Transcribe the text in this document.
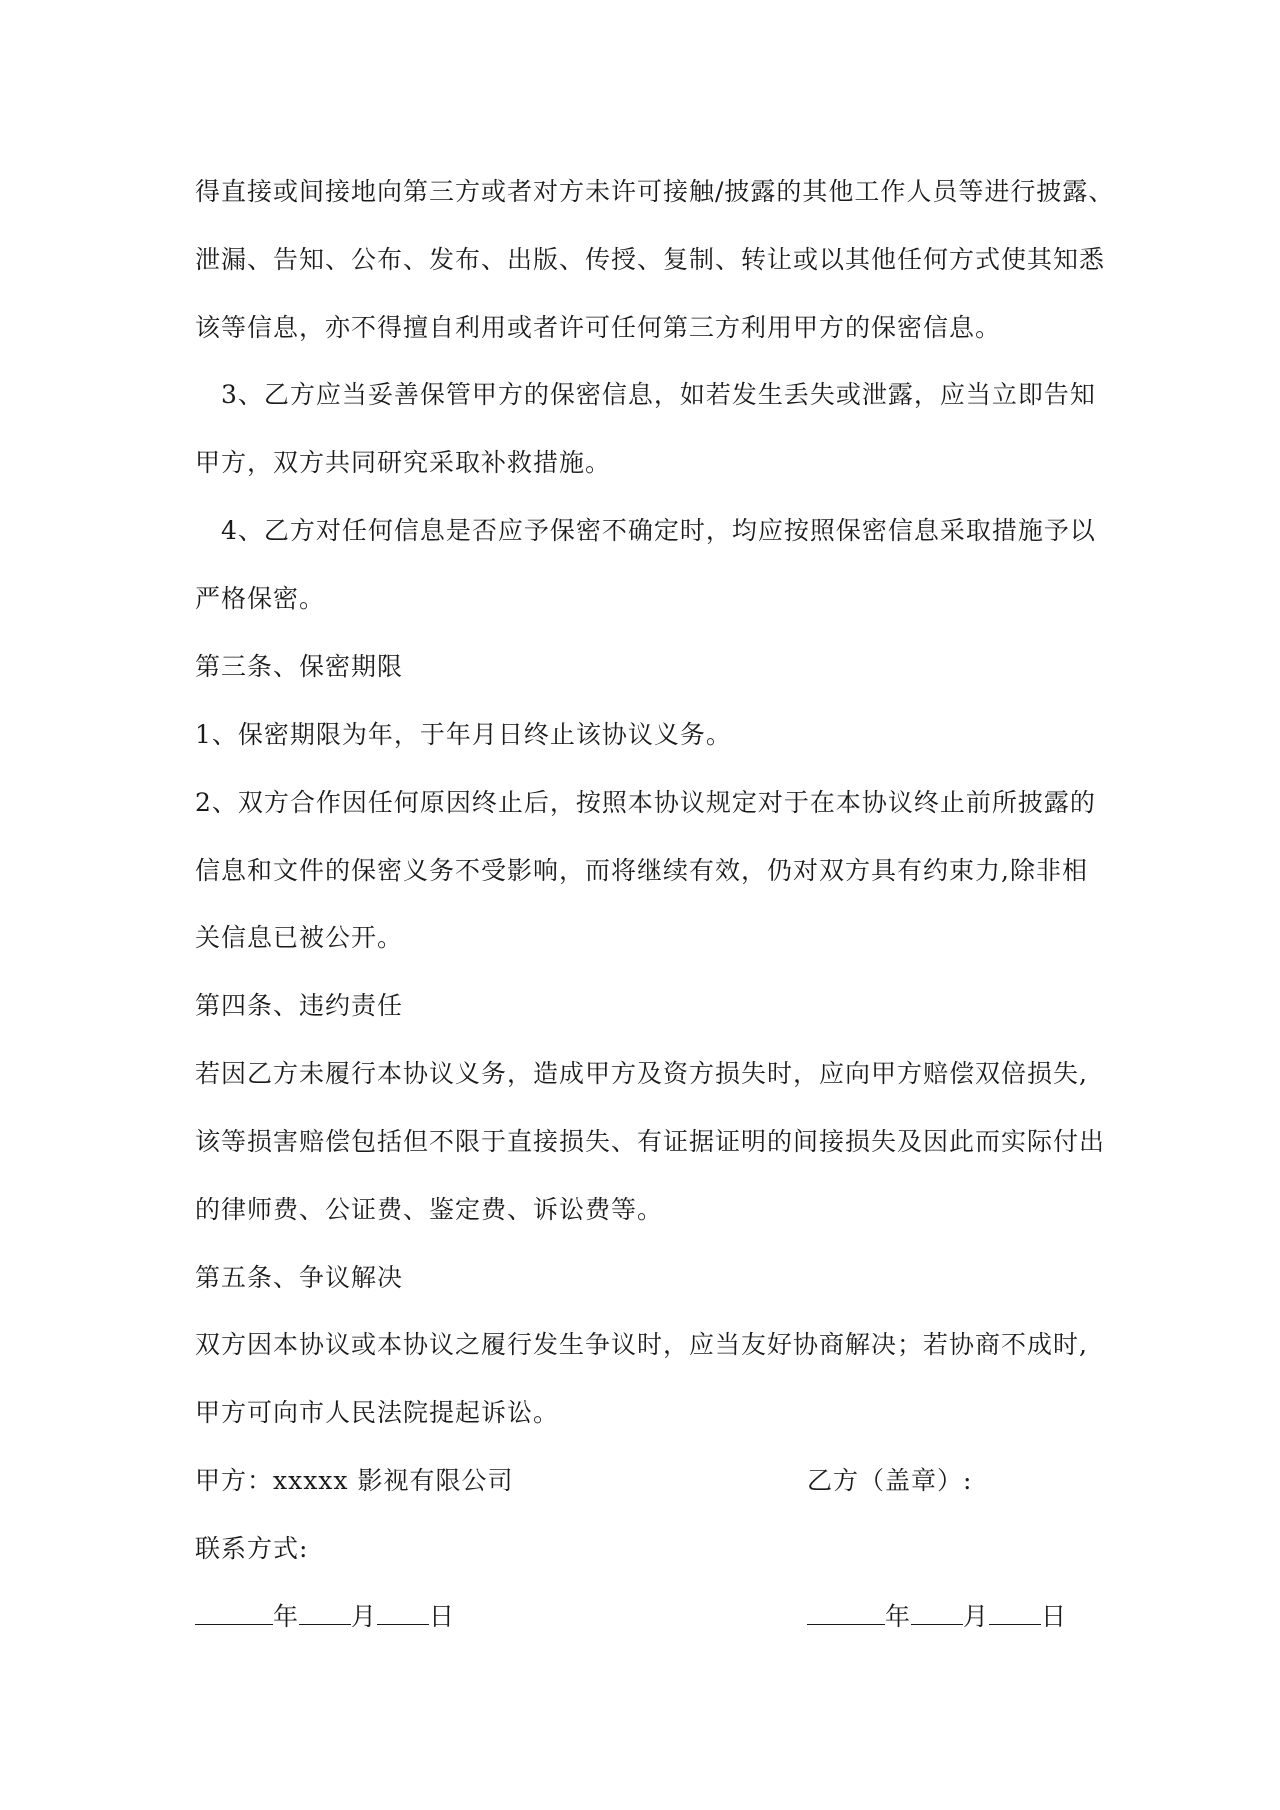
得直接或间接地向第三方或者对方未许可接触/披露的其他工作人员等进行披露、
泄漏、告知、公布、发布、出版、传授、复制、转让或以其他任何方式使其知悉
该等信息，亦不得擅自利用或者许可任何第三方利用甲方的保密信息。
3、乙方应当妥善保管甲方的保密信息，如若发生丢失或泄露，应当立即告知
甲方，双方共同研究采取补救措施。
4、乙方对任何信息是否应予保密不确定时，均应按照保密信息采取措施予以
严格保密。
第三条、保密期限
1、保密期限为年，于年月日终止该协议义务。
2、双方合作因任何原因终止后，按照本协议规定对于在本协议终止前所披露的
信息和文件的保密义务不受影响，而将继续有效，仍对双方具有约束力,除非相
关信息已被公开。
第四条、违约责任
若因乙方未履行本协议义务，造成甲方及资方损失时，应向甲方赔偿双倍损失,
该等损害赔偿包括但不限于直接损失、有证据证明的间接损失及因此而实际付出
的律师费、公证费、鉴定费、诉讼费等。
第五条、争议解决
双方因本协议或本协议之履行发生争议时，应当友好协商解决；若协商不成时,
甲方可向市人民法院提起诉讼。
甲方：xxxxx 影视有限公司	乙方（盖章）:
联系方式:
年 月 日	年 月 日
